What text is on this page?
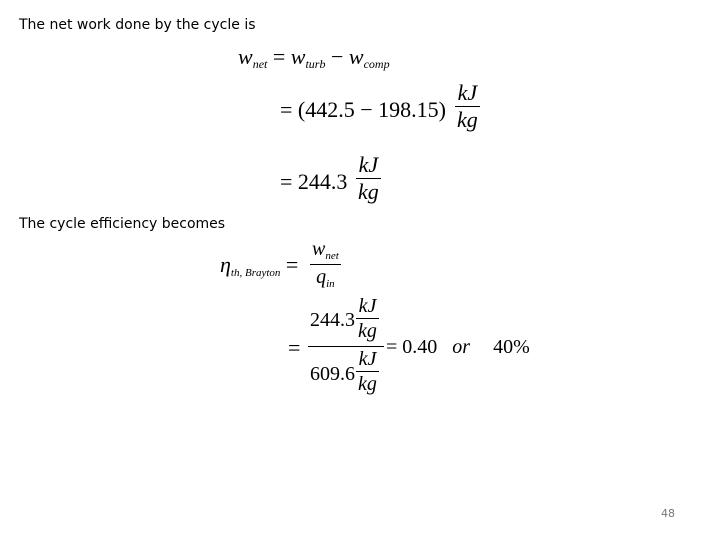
The net work done by the cycle is
$w_{net} = w_{turb} - w_{comp}$
= (442.5 − 198.15)
kJ
kg
= 244.3
kJ
kg
The cycle efficiency becomes
$\eta_{th, Brayton}$ =
$w_{net}$
$q_{in}$
=
244.3
kJ
kg
609.6
kJ
kg
= 0.40 or 40%
48
